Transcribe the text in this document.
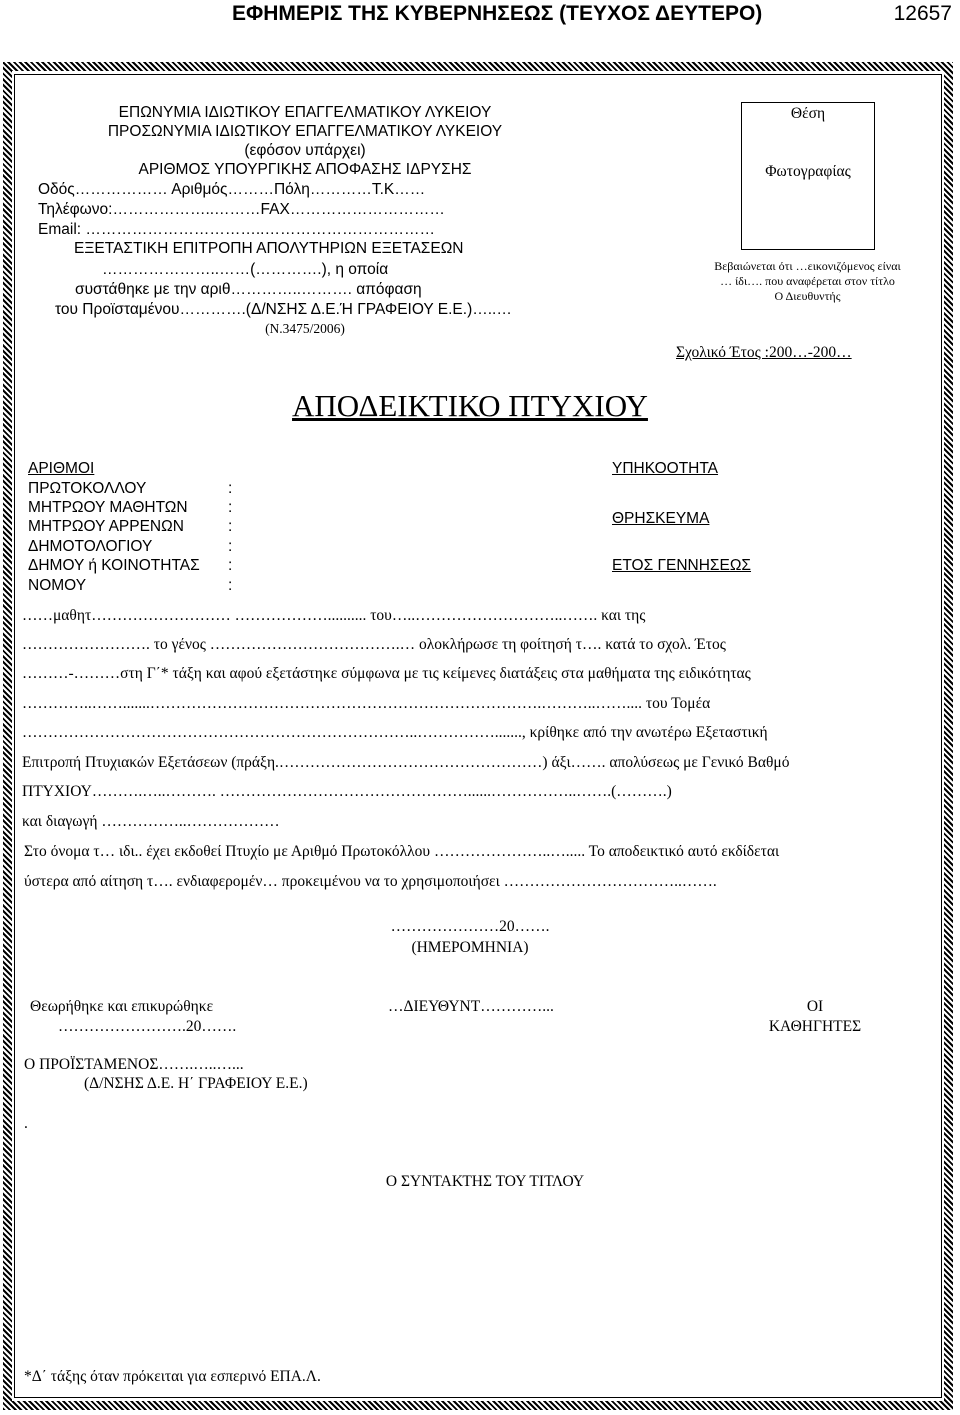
ΕΦΗΜΕΡΙΣ ΤΗΣ ΚΥΒΕΡΝΗΣΕΩΣ (ΤΕΥΧΟΣ ΔΕΥΤΕΡΟ)	12657
ΕΠΩΝΥΜΙΑ ΙΔΙΩΤΙΚΟΥ ΕΠΑΓΓΕΛΜΑΤΙΚΟΥ ΛΥΚΕΙΟΥ
ΠΡΟΣΩΝΥΜΙΑ ΙΔΙΩΤΙΚΟΥ ΕΠΑΓΓΕΛΜΑΤΙΚΟΥ ΛΥΚΕΙΟΥ
(εφόσον υπάρχει)
ΑΡΙΘΜΟΣ ΥΠΟΥΡΓΙΚΗΣ ΑΠΟΦΑΣΗΣ ΙΔΡΥΣΗΣ
Οδός……………… Αριθμός………Πόλη…………Τ.Κ……
Τηλέφωνο:………………..………FAX…………………………
Email: ……………………………..……………………………
ΕΞΕΤΑΣΤΙΚΗ ΕΠΙΤΡΟΠΗ ΑΠΟΛΥΤΗΡΙΩΝ ΕΞΕΤΑΣΕΩΝ
…………………..……(………….), η οποία
συστάθηκε με την αριθ…………..………. απόφαση
του Προϊσταμένου………….(Δ/ΝΣΗΣ Δ.Ε.Ή ΓΡΑΦΕΙΟΥ Ε.Ε.)…..…
(Ν.3475/2006)
Θέση
Φωτογραφίας
Βεβαιώνεται ότι …εικονιζόμενος είναι
… ίδι…. που αναφέρεται στον τίτλο
Ο Διευθυντής
Σχολικό Έτος :200…-200…
ΑΠΟΔΕΙΚΤΙΚΟ ΠΤΥΧΙΟΥ
ΑΡΙΘΜΟΙ
ΠΡΩΤΟΚΟΛΛΟΥ
ΜΗΤΡΩΟΥ ΜΑΘΗΤΩΝ
ΜΗΤΡΩΟΥ ΑΡΡΕΝΩΝ
ΔΗΜΟΤΟΛΟΓΙΟΥ
ΔΗΜΟΥ ή ΚΟΙΝΟΤΗΤΑΣ
ΝΟΜΟΥ
:
:
:
:
:
:
ΥΠΗΚΟΟΤΗΤΑ
ΘΡΗΣΚΕΥΜΑ
ΕΤΟΣ ΓΕΝΝΗΣΕΩΣ
……μαθητ……………………… ……………….......... του…..………………………..……. και της
……………………. το γένος ……………………………….… ολοκλήρωσε τη φοίτησή τ…. κατά το σχολ. Έτος
………-………στη Γ΄* τάξη και αφού εξετάστηκε σύμφωνα με τις κείμενες διατάξεις στα μαθήματα της ειδικότητας
…………..…….......………………………………………………………………….………..…….... του Τομέα
…………………………………………………………………..……………......., κρίθηκε από την ανωτέρω Εξεταστική
Επιτροπή Πτυχιακών Εξετάσεων (πράξη.……………………………………………) άξι……. απολύσεως με Γενικό Βαθμό
ΠΤΥΧΙΟΥ……….…..………. …………………………………………......……………..…….(……….)
και διαγωγή ……………..………………
Στο όνομα τ… ιδι.. έχει εκδοθεί Πτυχίο με Αριθμό Πρωτοκόλλου …………………..…..... Το αποδεικτικό αυτό εκδίδεται
ύστερα από αίτηση τ…. ενδιαφερομέν… προκειμένου να το χρησιμοποιήσει ……………………………..…….
…………………20…….
(ΗΜΕΡΟΜΗΝΙΑ)
Θεωρήθηκε και επικυρώθηκε
…………………….20…….
…ΔΙΕΥΘΥΝΤ…………...	ΟΙ
ΚΑΘΗΓΗΤΕΣ
Ο ΠΡΟΪΣΤΑΜΕΝΟΣ…….…..…...
(Δ/ΝΣΗΣ Δ.Ε. Η΄ ΓΡΑΦΕΙΟΥ Ε.Ε.)
.
Ο ΣΥΝΤΑΚΤΗΣ ΤΟΥ ΤΙΤΛΟΥ
*Δ΄ τάξης όταν πρόκειται για εσπερινό ΕΠΑ.Λ.
